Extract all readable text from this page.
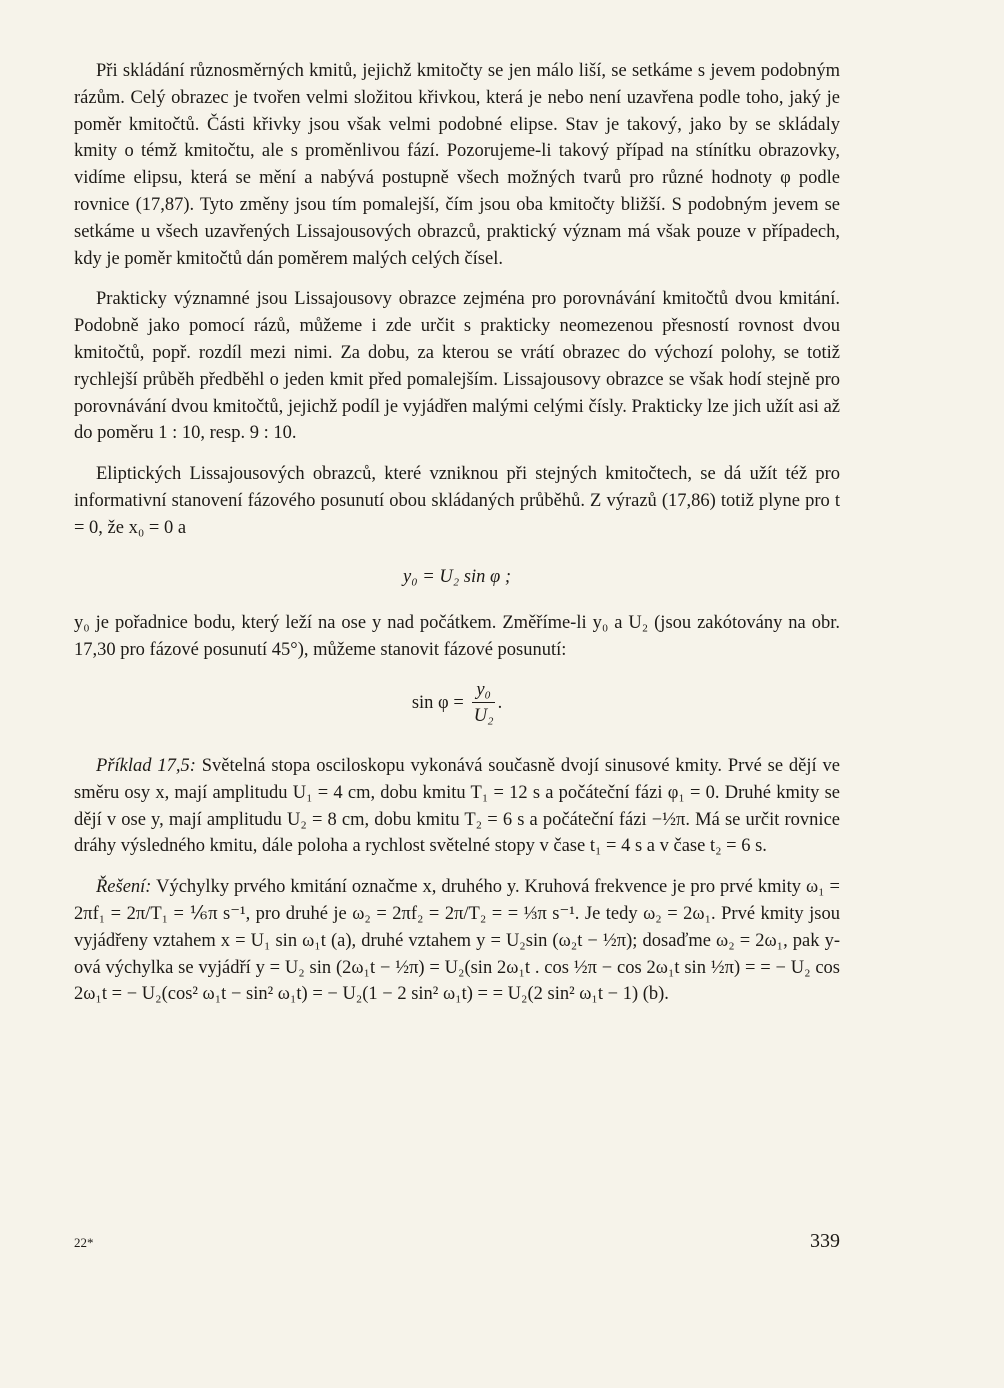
Při skládání různosměrných kmitů, jejichž kmitočty se jen málo liší, se setkáme s jevem podobným rázům. Celý obrazec je tvořen velmi složitou křivkou, která je nebo není uzavřena podle toho, jaký je poměr kmitočtů. Části křivky jsou však velmi podobné elipse. Stav je takový, jako by se skládaly kmity o témž kmitočtu, ale s proměnlivou fází. Pozorujeme-li takový případ na stínítku obrazovky, vidíme elipsu, která se mění a nabývá postupně všech možných tvarů pro různé hodnoty φ podle rovnice (17,87). Tyto změny jsou tím pomalejší, čím jsou oba kmitočty bližší. S podobným jevem se setkáme u všech uzavřených Lissajousových obrazců, praktický význam má však pouze v případech, kdy je poměr kmitočtů dán poměrem malých celých čísel.

Prakticky významné jsou Lissajousovy obrazce zejména pro porovnávání kmitočtů dvou kmitání. Podobně jako pomocí rázů, můžeme i zde určit s prakticky neomezenou přesností rovnost dvou kmitočtů, popř. rozdíl mezi nimi. Za dobu, za kterou se vrátí obrazec do výchozí polohy, se totiž rychlejší průběh předběhl o jeden kmit před pomalejším. Lissajousovy obrazce se však hodí stejně pro porovnávání dvou kmitočtů, jejichž podíl je vyjádřen malými celými čísly. Prakticky lze jich užít asi až do poměru 1 : 10, resp. 9 : 10.

Eliptických Lissajousových obrazců, které vzniknou při stejných kmitočtech, se dá užít též pro informativní stanovení fázového posunutí obou skládaných průběhů. Z výrazů (17,86) totiž plyne pro t = 0, že x₀ = 0 a

y₀ = U₂ sin φ ;

y₀ je pořadnice bodu, který leží na ose y nad počátkem. Změříme-li y₀ a U₂ (jsou zakótovány na obr. 17,30 pro fázové posunutí 45°), můžeme stanovit fázové posunutí:

$\sin \varphi = \frac{\text{y₀}}{\text{U₂}}$ .

Příklad 17,5: Světelná stopa osciloskopu vykonává současně dvojí sinusové kmity. Prvé se dějí ve směru osy x, mají amplitudu U₁ = 4 cm, dobu kmitu T₁ = 12 s a počáteční fázi φ₁ = 0. Druhé kmity se dějí v ose y, mají amplitudu U₂ = 8 cm, dobu kmitu T₂ = 6 s a počáteční fázi −½π. Má se určit rovnice dráhy výsledného kmitu, dále poloha a rychlost světelné stopy v čase t₁ = 4 s a v čase t₂ = 6 s.

Řešení: Výchylky prvého kmitání označme x, druhého y. Kruhová frekvence je pro prvé kmity ω₁ = 2πf₁ = 2π/T₁ = ⅙π s⁻¹, pro druhé je ω₂ = 2πf₂ = 2π/T₂ = = ⅓π s⁻¹. Je tedy ω₂ = 2ω₁. Prvé kmity jsou vyjádřeny vztahem x = U₁ sin ω₁t (a), druhé vztahem y = U₂sin (ω₂t − ½π); dosaďme ω₂ = 2ω₁, pak y-ová výchylka se vyjádří y = U₂ sin (2ω₁t − ½π) = U₂(sin 2ω₁t . cos ½π − cos 2ω₁t sin ½π) = = − U₂ cos 2ω₁t = − U₂(cos² ω₁t − sin² ω₁t) = − U₂(1 − 2 sin² ω₁t) = = U₂(2 sin² ω₁t − 1) (b).

22*	339
